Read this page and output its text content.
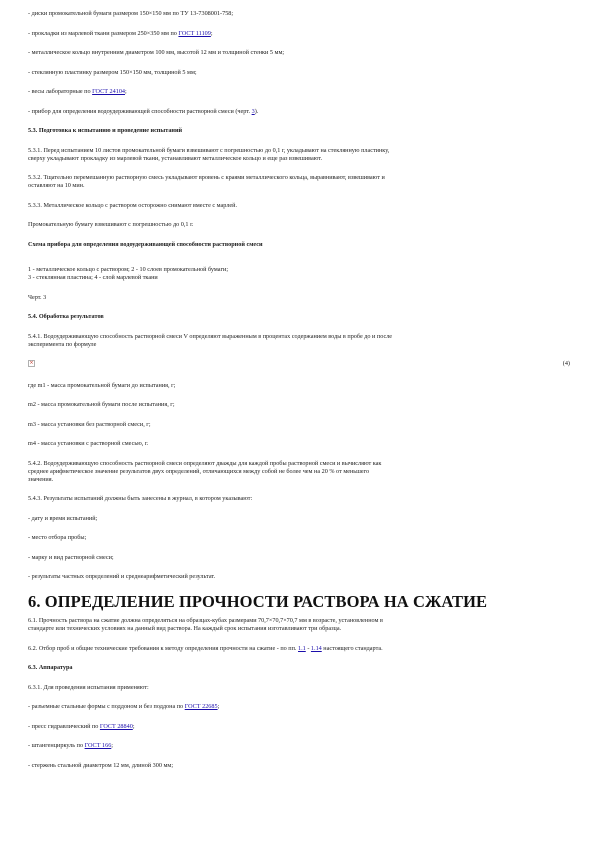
- диски промокательной бумаги размером 150×150 мм по ТУ 13-7308001-758;

- прокладки из марлевой ткани размером 250×350 мм по ГОСТ 11109;

- металлическое кольцо внутренним диаметром 100 мм, высотой 12 мм и толщиной стенки 5 мм;

- стеклянную пластинку размером 150×150 мм, толщиной 5 мм;

- весы лабораторные по ГОСТ 24104;

- прибор для определения водоудерживающей способности растворной смеси (черт. 3).

5.3. Подготовка к испытанию и проведение испытаний

5.3.1. Перед испытанием 10 листов промокательной бумаги взвешивают с погрешностью до 0,1 г, укладывают на стеклянную пластинку,
сверху укладывают прокладку из марлевой ткани, устанавливают металлическое кольцо и еще раз взвешивают.

5.3.2. Тщательно перемешанную растворную смесь укладывают вровень с краями металлического кольца, выравнивают, взвешивают и
оставляют на 10 мин.

5.3.3. Металлическое кольцо с раствором осторожно снимают вместе с марлей.

Промокательную бумагу взвешивают с погрешностью до 0,1 г.

Схема прибора для определения водоудерживающей способности растворной смеси

1 - металлическое кольцо с раствором; 2 - 10 слоев промокательной бумаги;
3 - стеклянная пластина; 4 - слой марлевой ткани

Черт. 3

5.4. Обработка результатов

5.4.1. Водоудерживающую способность растворной смеси V определяют выраженным в процентах содержанием воды в пробе до и после
эксперимента по формуле

×	(4)

где m1 - масса промокательной бумаги до испытания, г;

m2 - масса промокательной бумаги после испытания, г;

m3 - масса установки без растворной смеси, г;

m4 - масса установки с растворной смесью, г.

5.4.2. Водоудерживающую способность растворной смеси определяют дважды для каждой пробы растворной смеси и вычисляют как
среднее арифметическое значение результатов двух определений, отличающихся между собой не более чем на 20 % от меньшего
значения.

5.4.3. Результаты испытаний должны быть занесены в журнал, в котором указывают:

- дату и время испытаний;

- место отбора пробы;

- марку и вид растворной смеси;

- результаты частных определений и среднеарифметический результат.

6. ОПРЕДЕЛЕНИЕ ПРОЧНОСТИ РАСТВОРА НА СЖАТИЕ

6.1. Прочность раствора на сжатие должна определяться на образцах-кубах размерами 70,7×70,7×70,7 мм в возрасте, установленном в
стандарте или технических условиях на данный вид раствора. На каждый срок испытания изготавливают три образца.

6.2. Отбор проб и общие технические требования к методу определения прочности на сжатие - по пп. 1.1 - 1.14 настоящего стандарта.

6.3. Аппаратура

6.3.1. Для проведения испытания применяют:

- разъемные стальные формы с поддоном и без поддона по ГОСТ 22685;

- пресс гидравлический по ГОСТ 28840;

- штангенциркуль по ГОСТ 166;

- стержень стальной диаметром 12 мм, длиной 300 мм;
